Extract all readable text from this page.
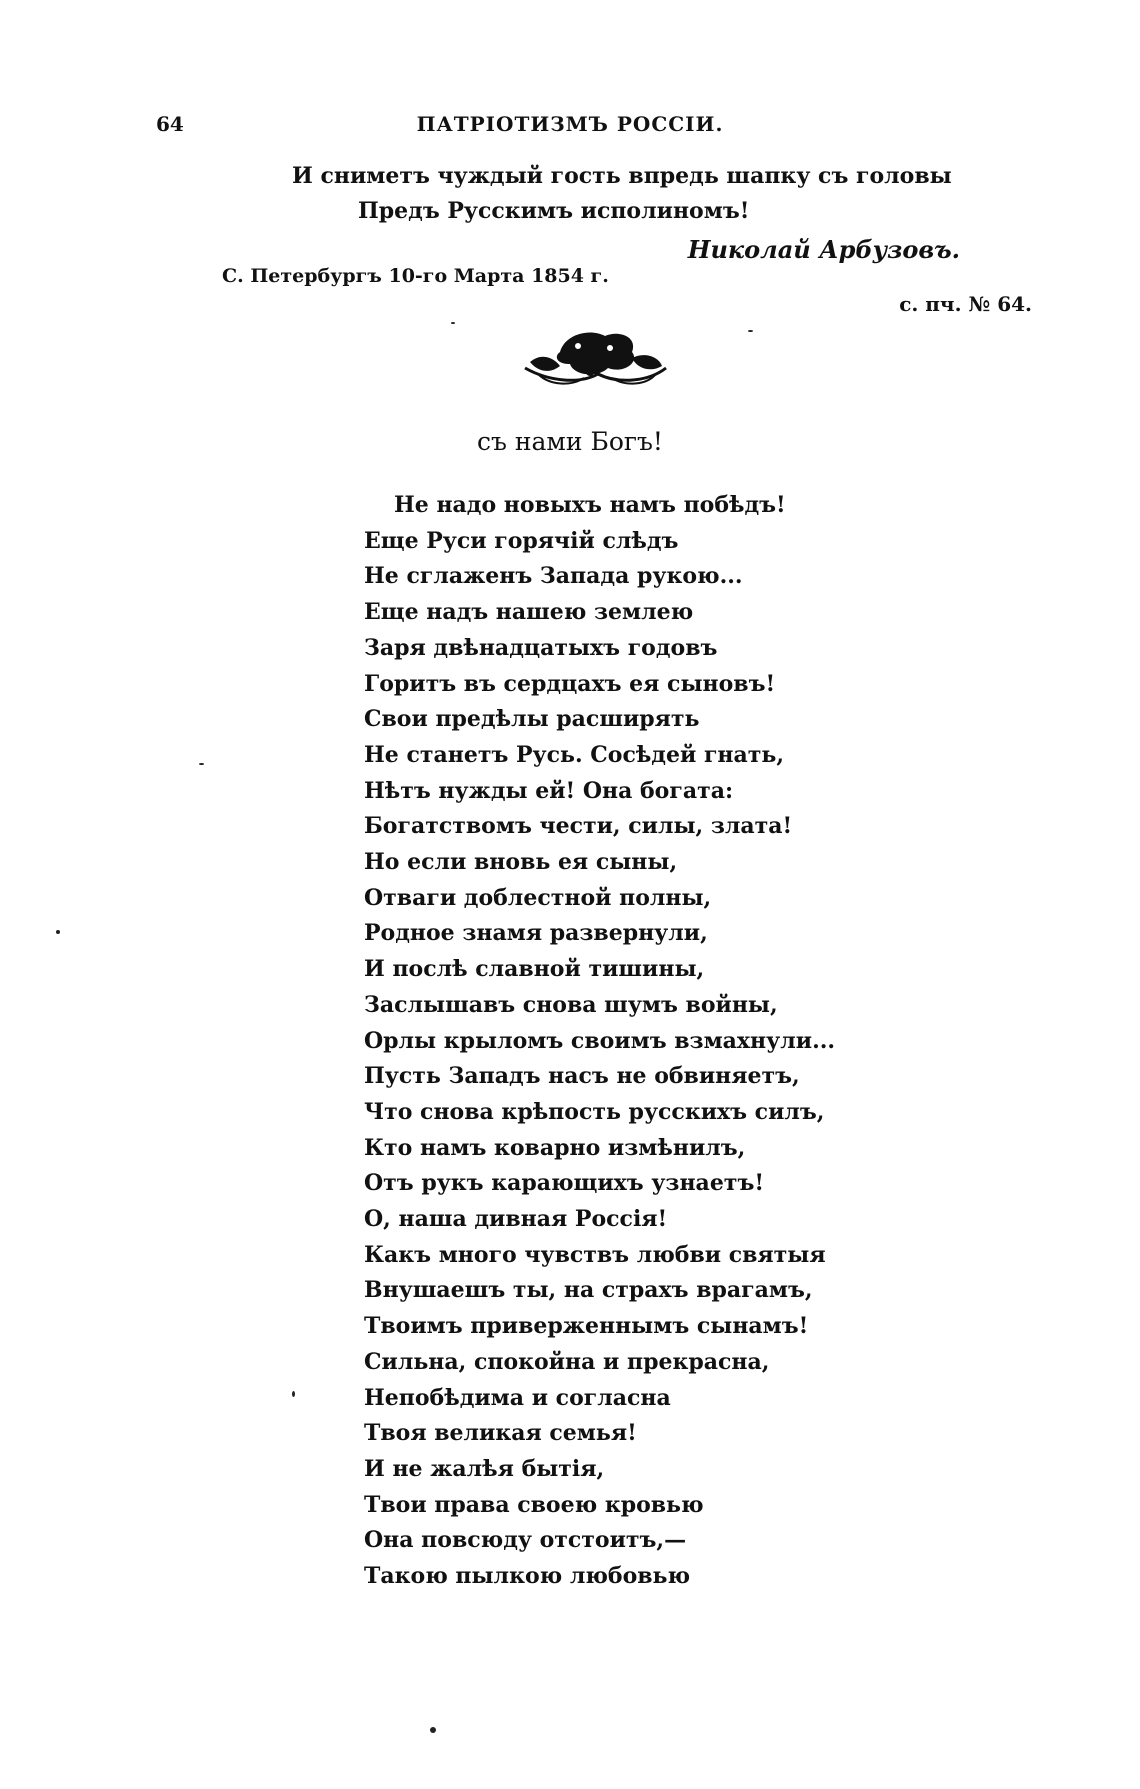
64	ПАТРІОТИЗМЪ РОССІИ.
И сниметъ чуждый гость впредь шапку съ головы
Предъ Русскимъ исполиномъ!
Николай Арбузовъ.
С. Петербургъ 10-го Марта 1854 г.
с. пч. № 64.
съ нами Богъ!
Не надо новыхъ намъ побѣдъ!
Еще Руси горячій слѣдъ
Не сглаженъ Запада рукою...
Еще надъ нашею землею
Заря двѣнадцатыхъ годовъ
Горитъ въ сердцахъ ея сыновъ!
Свои предѣлы расширять
Не станетъ Русь. Сосѣдей гнать,
Нѣтъ нужды ей! Она богата:
Богатствомъ чести, силы, злата!
Но если вновь ея сыны,
Отваги доблестной полны,
Родное знамя развернули,
И послѣ славной тишины,
Заслышавъ снова шумъ войны,
Орлы крыломъ своимъ взмахнули...
Пусть Западъ насъ не обвиняетъ,
Что снова крѣпость русскихъ силъ,
Кто намъ коварно измѣнилъ,
Отъ рукъ карающихъ узнаетъ!
О, наша дивная Россія!
Какъ много чувствъ любви святыя
Внушаешъ ты, на страхъ врагамъ,
Твоимъ приверженнымъ сынамъ!
Сильна, спокойна и прекрасна,
Непобѣдима и согласна
Твоя великая семья!
И не жалѣя бытія,
Твои права своею кровью
Она повсюду отстоитъ,—
Такою пылкою любовью
